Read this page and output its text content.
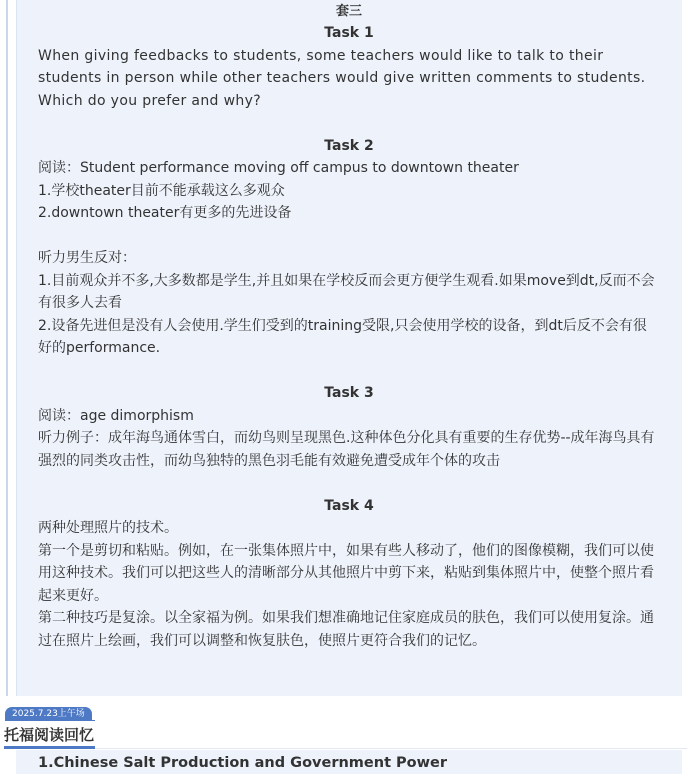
套三
Task 1

When giving feedbacks to students, some teachers would like to talk to their students in person while other teachers would give written comments to students. Which do you prefer and why?

Task 2

阅读：Student performance moving off campus to downtown theater

1.学校theater目前不能承载这么多观众

2.downtown theater有更多的先进设备

听力男生反对：

1.目前观众并不多,大多数都是学生,并且如果在学校反而会更方便学生观看.如果move到dt,反而不会有很多人去看

2.设备先进但是没有人会使用.学生们受到的training受限,只会使用学校的设备，到dt后反不会有很好的performance.

Task 3

阅读：age dimorphism

听力例子：成年海鸟通体雪白，而幼鸟则呈现黑色.这种体色分化具有重要的生存优势--成年海鸟具有强烈的同类攻击性，而幼鸟独特的黑色羽毛能有效避免遭受成年个体的攻击

Task 4

两种处理照片的技术。

第一个是剪切和粘贴。例如，在一张集体照片中，如果有些人移动了，他们的图像模糊，我们可以使用这种技术。我们可以把这些人的清晰部分从其他照片中剪下来，粘贴到集体照片中，使整个照片看起来更好。

第二种技巧是复涂。以全家福为例。如果我们想准确地记住家庭成员的肤色，我们可以使用复涂。通过在照片上绘画，我们可以调整和恢复肤色，使照片更符合我们的记忆。

2025.7.23上午场
托福阅读回忆
1.Chinese Salt Production and Government Power
